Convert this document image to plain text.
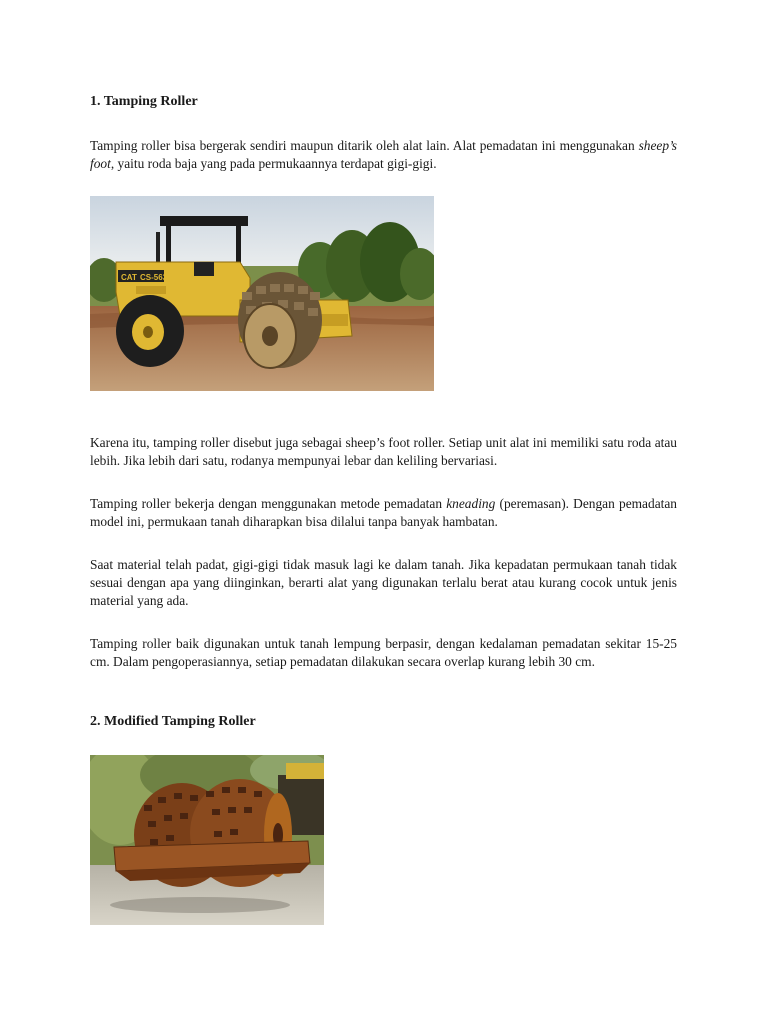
1. Tamping Roller

Tamping roller bisa bergerak sendiri maupun ditarik oleh alat lain. Alat pemadatan ini menggunakan sheep’s foot, yaitu roda baja yang pada permukaannya terdapat gigi-gigi.

CAT CS-563

Karena itu, tamping roller disebut juga sebagai sheep’s foot roller. Setiap unit alat ini memiliki satu roda atau lebih. Jika lebih dari satu, rodanya mempunyai lebar dan keliling bervariasi.

Tamping roller bekerja dengan menggunakan metode pemadatan kneading (peremasan). Dengan pemadatan model ini, permukaan tanah diharapkan bisa dilalui tanpa banyak hambatan.

Saat material telah padat, gigi-gigi tidak masuk lagi ke dalam tanah. Jika kepadatan permukaan tanah tidak sesuai dengan apa yang diinginkan, berarti alat yang digunakan terlalu berat atau kurang cocok untuk jenis material yang ada.

Tamping roller baik digunakan untuk tanah lempung berpasir, dengan kedalaman pemadatan sekitar 15-25 cm. Dalam pengoperasiannya, setiap pemadatan dilakukan secara overlap kurang lebih 30 cm.

2. Modified Tamping Roller
